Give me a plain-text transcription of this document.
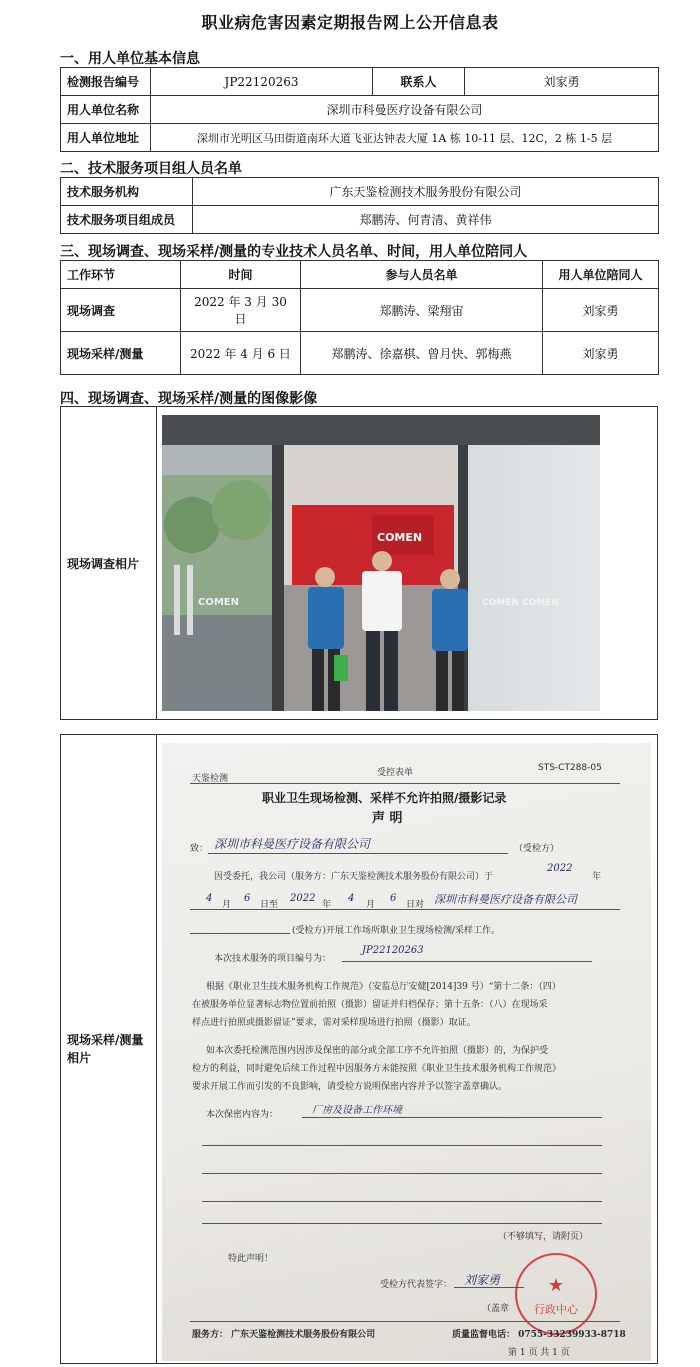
职业病危害因素定期报告网上公开信息表
一、用人单位基本信息
检测报告编号	JP22120263	联系人	刘家勇
用人单位名称	深圳市科曼医疗设备有限公司		
用人单位地址	深圳市光明区马田街道南环大道飞亚达钟表大厦 1A 栋 10-11 层、12C，2 栋 1-5 层		
二、技术服务项目组人员名单
技术服务机构	广东天鉴检测技术服务股份有限公司
技术服务项目组成员	郑鹏涛、何青清、黄祥伟
三、现场调查、现场采样/测量的专业技术人员名单、时间，用人单位陪同人
工作环节	时间	参与人员名单	用人单位陪同人
现场调查	2022 年 3 月 30 日	郑鹏涛、梁翔宙	刘家勇
现场采样/测量	2022 年 4 月 6 日	郑鹏涛、徐嘉棋、曾月快、郭梅燕	刘家勇
四、现场调查、现场采样/测量的图像影像
现场调查相片
COMEN
COMEN
COMEN COMEN
现场采样/测量
相片
天鉴检测
受控表单	STS-CT288-05
职业卫生现场检测、采样不允许拍照/摄影记录
声 明
致： 深圳市科曼医疗设备有限公司	（受检方）
因受委托，我公司（服务方：广东天鉴检测技术服务股份有限公司）于
2022
年
4
月
6
日至
2022
年
4
月
6
日对 深圳市科曼医疗设备有限公司
(受检方)开展工作场所职业卫生现场检测/采样工作。
本次技术服务的项目编号为：
JP22120263
根据《职业卫生技术服务机构工作规范》（安监总厅安健[2014]39 号）“第十二条：（四）
在被服务单位显著标志物位置前拍照（摄影）留证并归档保存；第十五条：（八）在现场采
样点进行拍照或摄影留证”要求，需对采样现场进行拍照（摄影）取证。
如本次委托检测范围内因涉及保密的部分或全部工序不允许拍照（摄影）的，为保护受
检方的利益，同时避免后续工作过程中因服务方未能按照《职业卫生技术服务机构工作规范》
要求开展工作而引发的不良影响，请受检方说明保密内容并予以签字盖章确认。
本次保密内容为：	厂房及设备工作环境
（不够填写，请附页）
特此声明！
★
行政中心
受检方代表签字： 刘家勇
（盖章
服务方： 广东天鉴检测技术服务股份有限公司	质量监督电话： 0755-33239933-8718
第 1 页 共 1 页
